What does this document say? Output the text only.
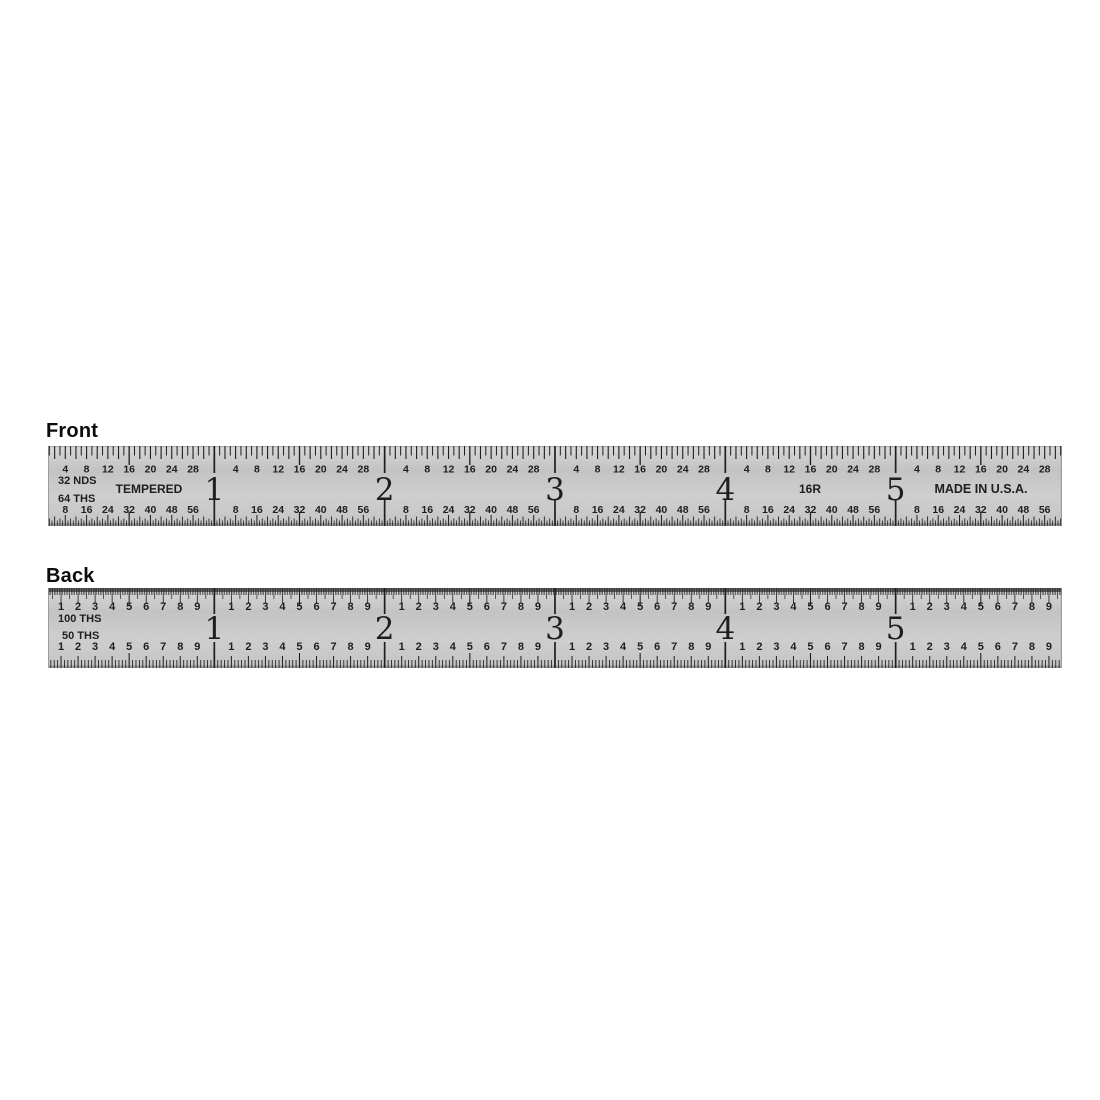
Front
4 8 12 16 20 24 28	4 8 12 16 20 24 28	4 8 12 16 20 24 28	4 8 12 16 20 24 28	4 8 12 16 20 24 28	4 8 12 16 20 24 28
8 16 24 32 40 48 56	8 16 24 32 40 48 56	8 16 24 32 40 48 56	8 16 24 32 40 48 56	8 16 24 32 40 48 56	8 16 24 32 40 48 56
1	2	3	4	5
32 NDS
64 THS
TEMPERED	16R	MADE IN U.S.A.
Back
1 2 3 4 5 6 7 8 9	1 2 3 4 5 6 7 8 9	1 2 3 4 5 6 7 8 9	1 2 3 4 5 6 7 8 9	1 2 3 4 5 6 7 8 9	1 2 3 4 5 6 7 8 9
1 2 3 4 5 6 7 8 9	1 2 3 4 5 6 7 8 9	1 2 3 4 5 6 7 8 9	1 2 3 4 5 6 7 8 9	1 2 3 4 5 6 7 8 9	1 2 3 4 5 6 7 8 9
1	2	3	4	5
100 THS
50 THS
